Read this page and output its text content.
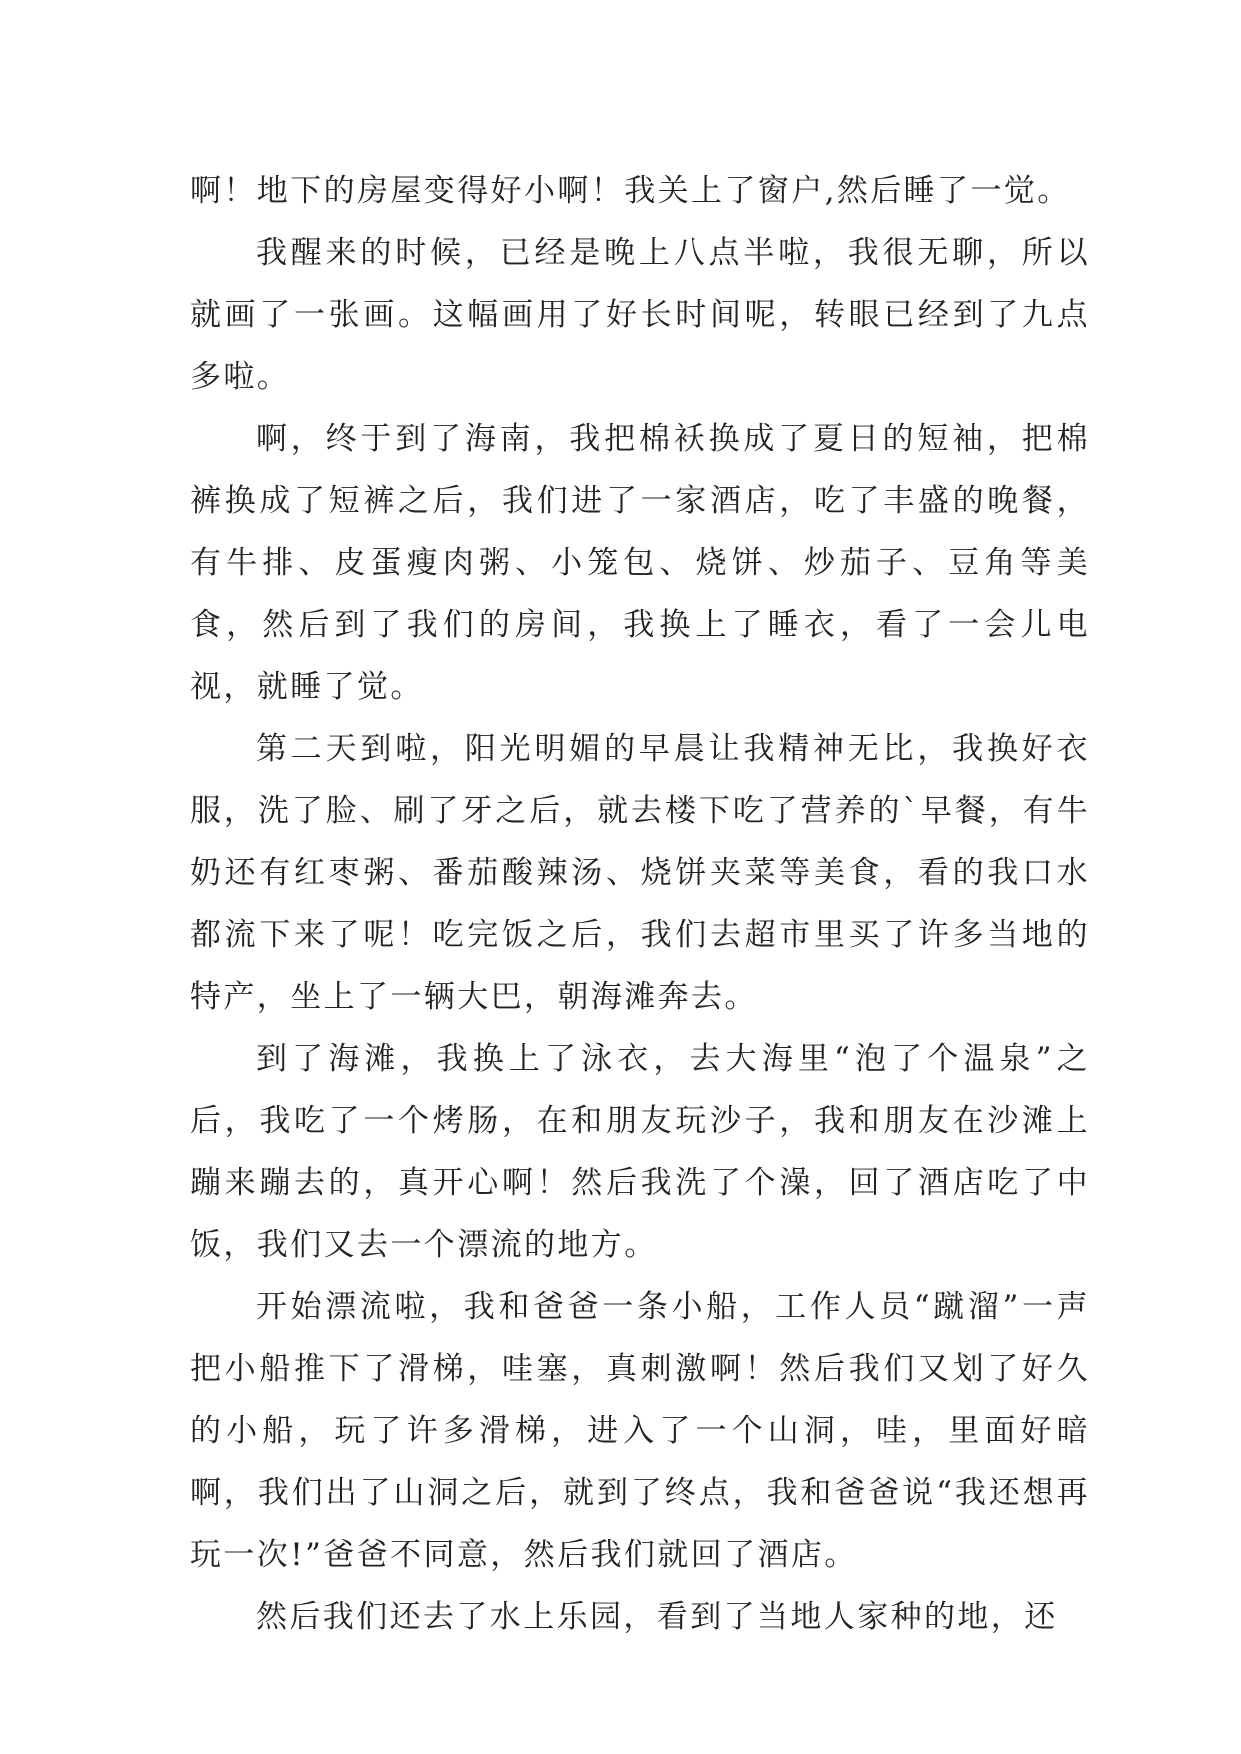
啊！地下的房屋变得好小啊！我关上了窗户,然后睡了一觉。

我醒来的时候，已经是晚上八点半啦，我很无聊，所以就画了一张画。这幅画用了好长时间呢，转眼已经到了九点多啦。

啊，终于到了海南，我把棉袄换成了夏日的短袖，把棉裤换成了短裤之后，我们进了一家酒店，吃了丰盛的晚餐，有牛排、皮蛋瘦肉粥、小笼包、烧饼、炒茄子、豆角等美食，然后到了我们的房间，我换上了睡衣，看了一会儿电视，就睡了觉。

第二天到啦，阳光明媚的早晨让我精神无比，我换好衣服，洗了脸、刷了牙之后，就去楼下吃了营养的`早餐，有牛奶还有红枣粥、番茄酸辣汤、烧饼夹菜等美食，看的我口水都流下来了呢！吃完饭之后，我们去超市里买了许多当地的特产，坐上了一辆大巴，朝海滩奔去。

到了海滩，我换上了泳衣，去大海里“泡了个温泉”之后，我吃了一个烤肠，在和朋友玩沙子，我和朋友在沙滩上蹦来蹦去的，真开心啊！然后我洗了个澡，回了酒店吃了中饭，我们又去一个漂流的地方。

开始漂流啦，我和爸爸一条小船，工作人员“蹴溜”一声把小船推下了滑梯，哇塞，真刺激啊！然后我们又划了好久的小船，玩了许多滑梯，进入了一个山洞，哇，里面好暗啊，我们出了山洞之后，就到了终点，我和爸爸说“我还想再玩一次!”爸爸不同意，然后我们就回了酒店。

然后我们还去了水上乐园，看到了当地人家种的地，还
